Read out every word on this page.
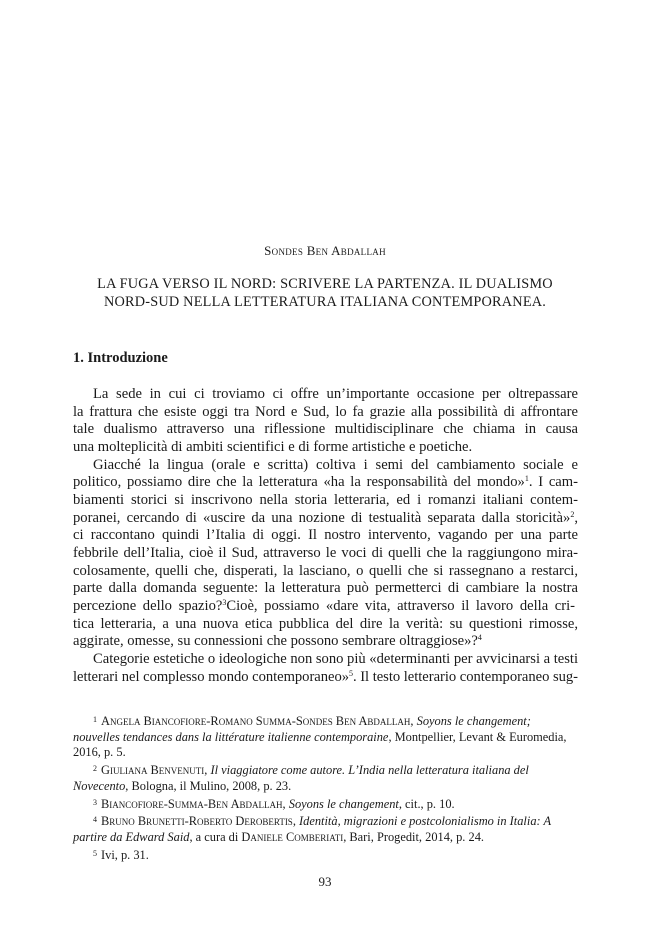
Sondes Ben Abdallah
LA FUGA VERSO IL NORD: SCRIVERE LA PARTENZA. IL DUALISMO
NORD-SUD NELLA LETTERATURA ITALIANA CONTEMPORANEA.
1. Introduzione
La sede in cui ci troviamo ci offre un’importante occasione per oltrepassare
la frattura che esiste oggi tra Nord e Sud, lo fa grazie alla possibilità di affrontare
tale dualismo attraverso una riflessione multidisciplinare che chiama in causa
una molteplicità di ambiti scientifici e di forme artistiche e poetiche.
Giacché la lingua (orale e scritta) coltiva i semi del cambiamento sociale e
politico, possiamo dire che la letteratura «ha la responsabilità del mondo»$^1$. I cam-
biamenti storici si inscrivono nella storia letteraria, ed i romanzi italiani contem-
poranei, cercando di «uscire da una nozione di testualità separata dalla storicità»$^2$,
ci raccontano quindi l’Italia di oggi. Il nostro intervento, vagando per una parte
febbrile dell’Italia, cioè il Sud, attraverso le voci di quelli che la raggiungono mira-
colosamente, quelli che, disperati, la lasciano, o quelli che si rassegnano a restarci,
parte dalla domanda seguente: la letteratura può permetterci di cambiare la nostra
percezione dello spazio?$^3$Cioè, possiamo «dare vita, attraverso il lavoro della cri-
tica letteraria, a una nuova etica pubblica del dire la verità: su questioni rimosse,
aggirate, omesse, su connessioni che possono sembrare oltraggiose»?$^4$
Categorie estetiche o ideologiche non sono più «determinanti per avvicinarsi a testi
letterari nel complesso mondo contemporaneo»$^5$. Il testo letterario contemporaneo sug-
$^1$ Angela Biancofiore-Romano Summa-Sondes Ben Abdallah, Soyons le changement; nouvelles tendances dans la littérature italienne contemporaine, Montpellier, Levant & Euromedia, 2016, p. 5.
$^2$ Giuliana Benvenuti, Il viaggiatore come autore. L’India nella letteratura italiana del Novecento, Bologna, il Mulino, 2008, p. 23.
$^3$ Biancofiore-Summa-Ben Abdallah, Soyons le changement, cit., p. 10.
$^4$ Bruno Brunetti-Roberto Derobertis, Identità, migrazioni e postcolonialismo in Italia: A partire da Edward Said, a cura di Daniele Comberiati, Bari, Progedit, 2014, p. 24.
$^5$ Ivi, p. 31.
93
